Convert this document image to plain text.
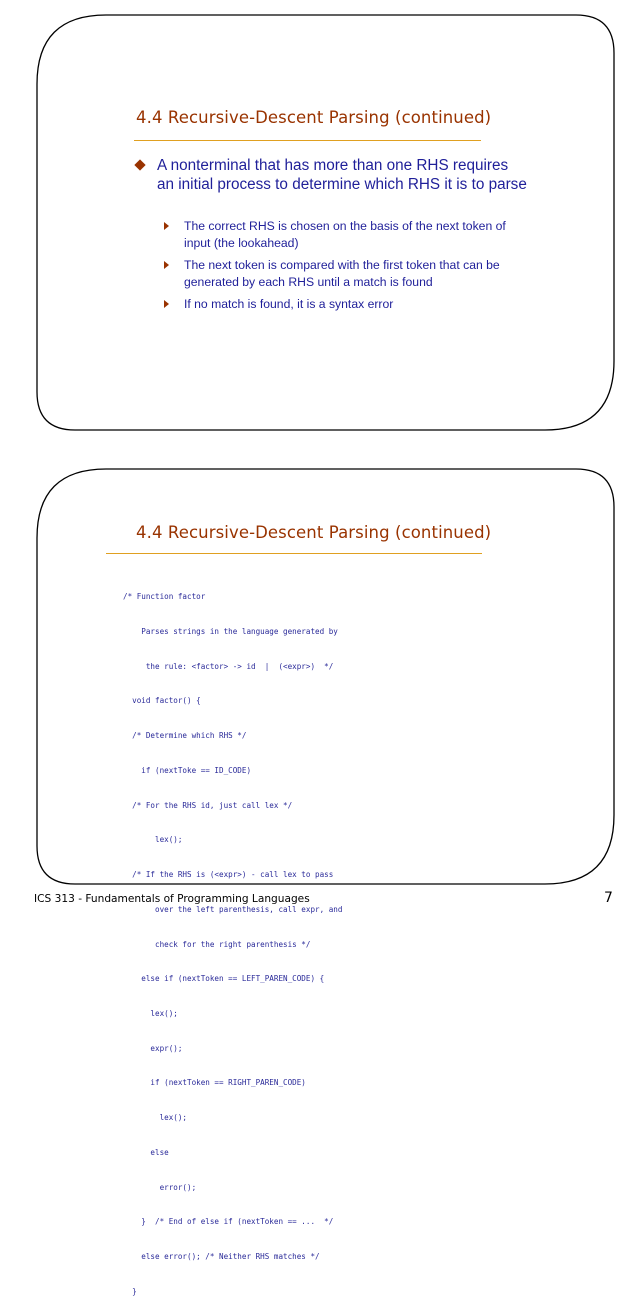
4.4 Recursive-Descent Parsing (continued)
A nonterminal that has more than one RHS requires an initial process to determine which RHS it is to parse
The correct RHS is chosen on the basis of the next token of input (the lookahead)
The next token is compared with the first token that can be generated by each RHS until a match is found
If no match is found, it is a syntax error
4.4 Recursive-Descent Parsing (continued)

/* Function factor

Parses strings in the language generated by

the rule: <factor> -> id  |  (<expr>)  */

void factor() {

/* Determine which RHS */

if (nextToke == ID_CODE)

/* For the RHS id, just call lex */

lex();

/* If the RHS is (<expr>) - call lex to pass

over the left parenthesis, call expr, and

check for the right parenthesis */

else if (nextToken == LEFT_PAREN_CODE) {

lex();

expr();

if (nextToken == RIGHT_PAREN_CODE)

lex();

else

error();

}  /* End of else if (nextToken == ...  */

else error(); /* Neither RHS matches */

}

ICS 313 - Fundamentals of Programming Languages	7
